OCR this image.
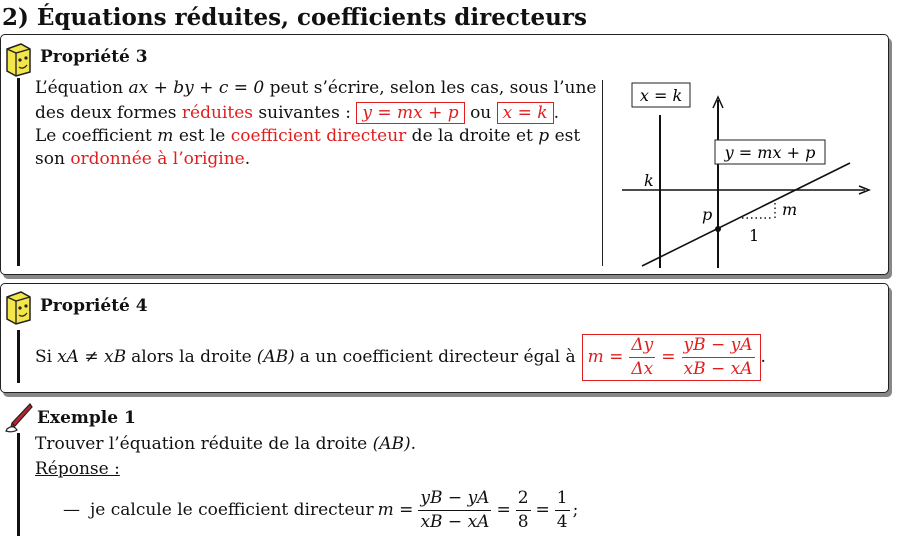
2) Équations réduites, coefficients directeurs
Propriété 3
L’équation ax + by + c = 0 peut s’écrire, selon les cas, sous l’une
des deux formes réduites suivantes : y = mx + p ou x = k .
Le coefficient m est le coefficient directeur de la droite et p est
son ordonnée à l’origine.
x = k
y = mx + p
k
p	m
1
Propriété 4
Si xA ≠ xB alors la droite (AB) a un coefficient directeur égal à $m = \frac{\Delta y}{\Delta x} = \frac{yB - yA}{xB - xA}$ .
Exemple 1
Trouver l’équation réduite de la droite (AB).
Réponse :
— je calcule le coefficient directeur $m = \frac{yB - yA}{xB - xA} = \frac{2}{8} = \frac{1}{4}$ ;
